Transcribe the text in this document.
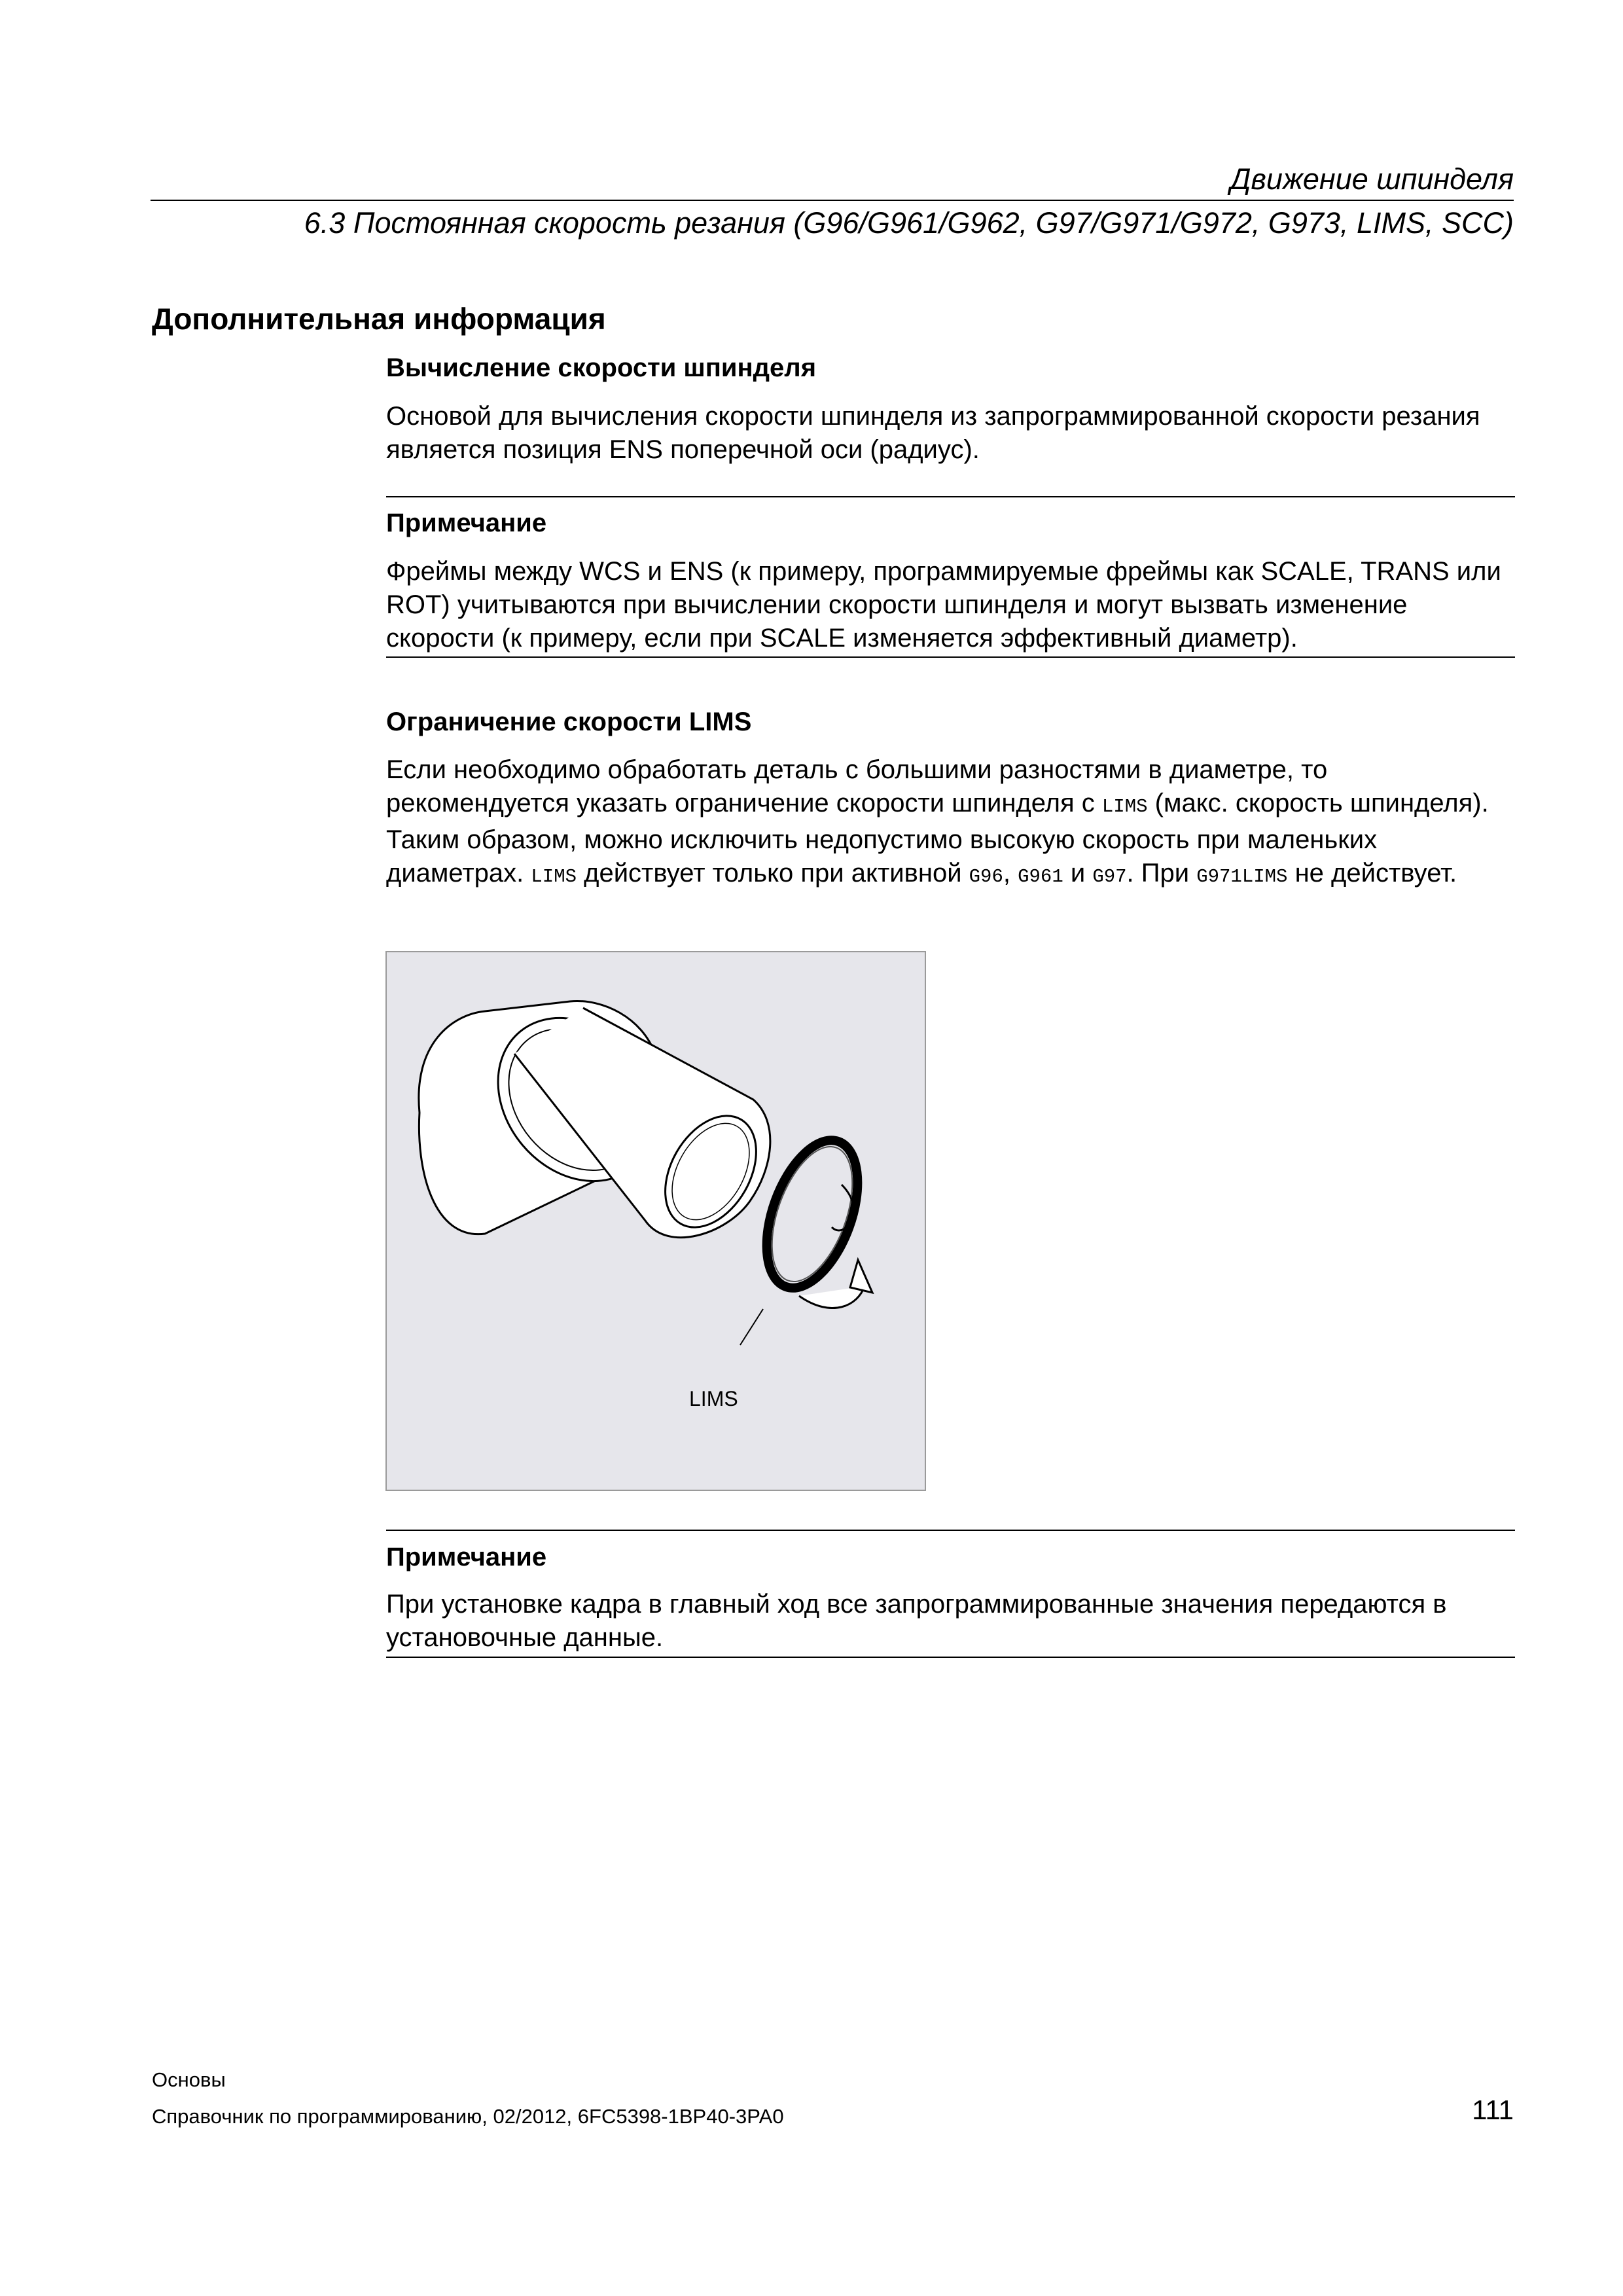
Движение шпинделя
6.3 Постоянная скорость резания (G96/G961/G962, G97/G971/G972, G973, LIMS, SCC)
Дополнительная информация
Вычисление скорости шпинделя
Основой для вычисления скорости шпинделя из запрограммированной скорости резания является позиция ENS поперечной оси (радиус).
Примечание
Фреймы между WCS и ENS (к примеру, программируемые фреймы как SCALE, TRANS или ROT) учитываются при вычислении скорости шпинделя и могут вызвать изменение скорости (к примеру, если при SCALE изменяется эффективный диаметр).
Ограничение скорости LIMS
Если необходимо обработать деталь с большими разностями в диаметре, то рекомендуется указать ограничение скорости шпинделя с LIMS (макс. скорость шпинделя). Таким образом, можно исключить недопустимо высокую скорость при маленьких диаметрах. LIMS действует только при активной G96, G961 и G97. При G971LIMS не действует.
LIMS
Примечание
При установке кадра в главный ход все запрограммированные значения передаются в установочные данные.
Основы
Справочник по программированию, 02/2012, 6FC5398-1BP40-3PA0	111
